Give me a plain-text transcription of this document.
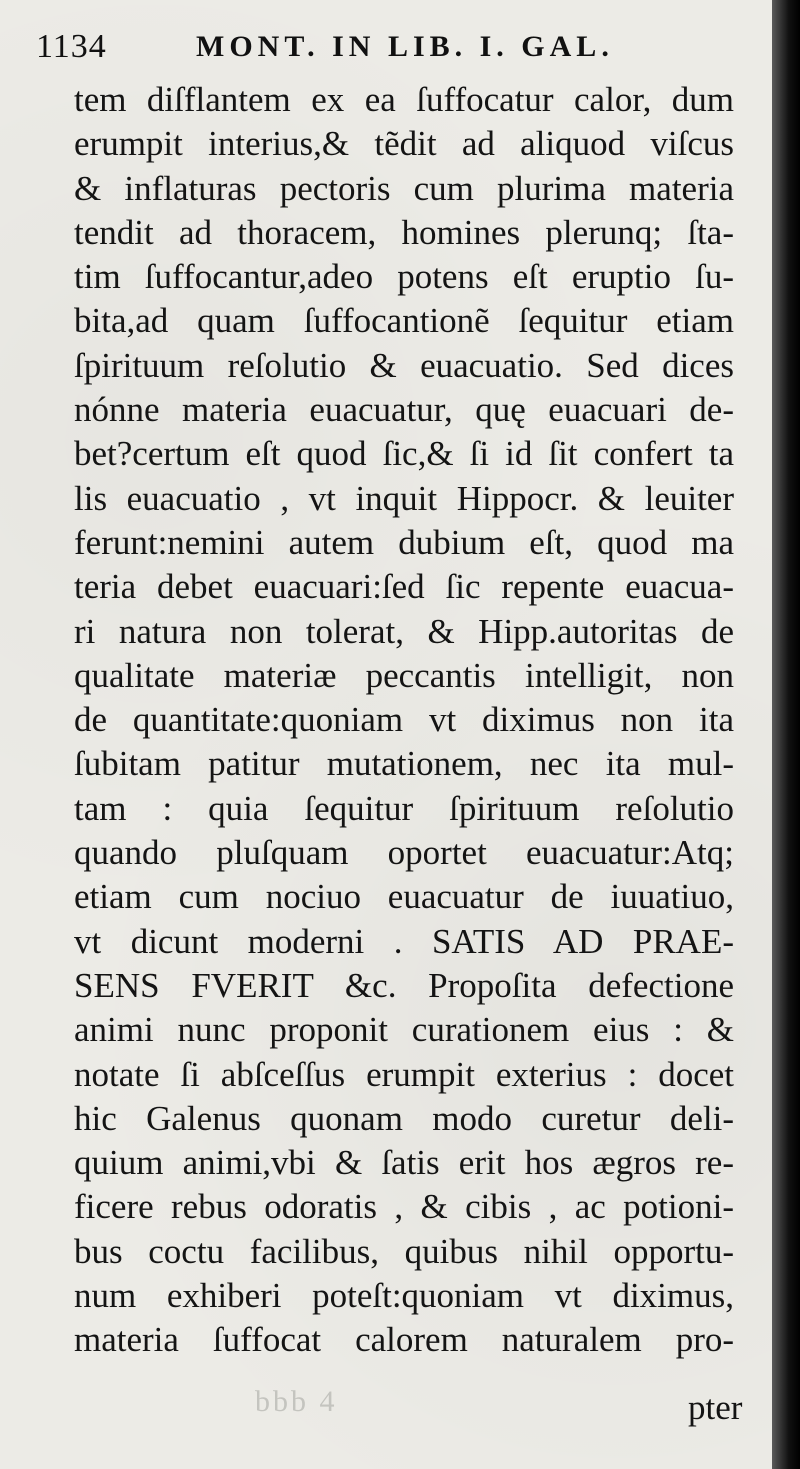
1134	MONT. IN LIB. I. GAL.
tem diſflantem ex ea ſuffocatur calor, dum
erumpit interius,& tẽdit ad aliquod viſcus
& inflaturas pectoris cum plurima materia
tendit ad thoracem, homines plerunq; ſta-
tim ſuffocantur,adeo potens eſt eruptio ſu-
bita,ad quam ſuffocantionẽ ſequitur etiam
ſpirituum reſolutio & euacuatio. Sed dices
nónne materia euacuatur, quę euacuari de-
bet?certum eſt quod ſic,& ſi id ſit confert ta
lis euacuatio , vt inquit Hippocr. & leuiter
ferunt:nemini autem dubium eſt, quod ma
teria debet euacuari:ſed ſic repente euacua-
ri natura non tolerat, & Hipp.autoritas de
qualitate materiæ peccantis intelligit, non
de quantitate:quoniam vt diximus non ita
ſubitam patitur mutationem, nec ita mul-
tam : quia ſequitur ſpirituum reſolutio
quando pluſquam oportet euacuatur:Atq;
etiam cum nociuo euacuatur de iuuatiuo,
vt dicunt moderni . SATIS AD PRAE-
SENS FVERIT &c. Propoſita defectione
animi nunc proponit curationem eius : &
notate ſi abſceſſus erumpit exterius : docet
hic Galenus quonam modo curetur deli-
quium animi,vbi & ſatis erit hos ægros re-
ficere rebus odoratis , & cibis , ac potioni-
bus coctu facilibus, quibus nihil opportu-
num exhiberi poteſt:quoniam vt diximus,
materia ſuffocat calorem naturalem pro-
bbb 4	pter
